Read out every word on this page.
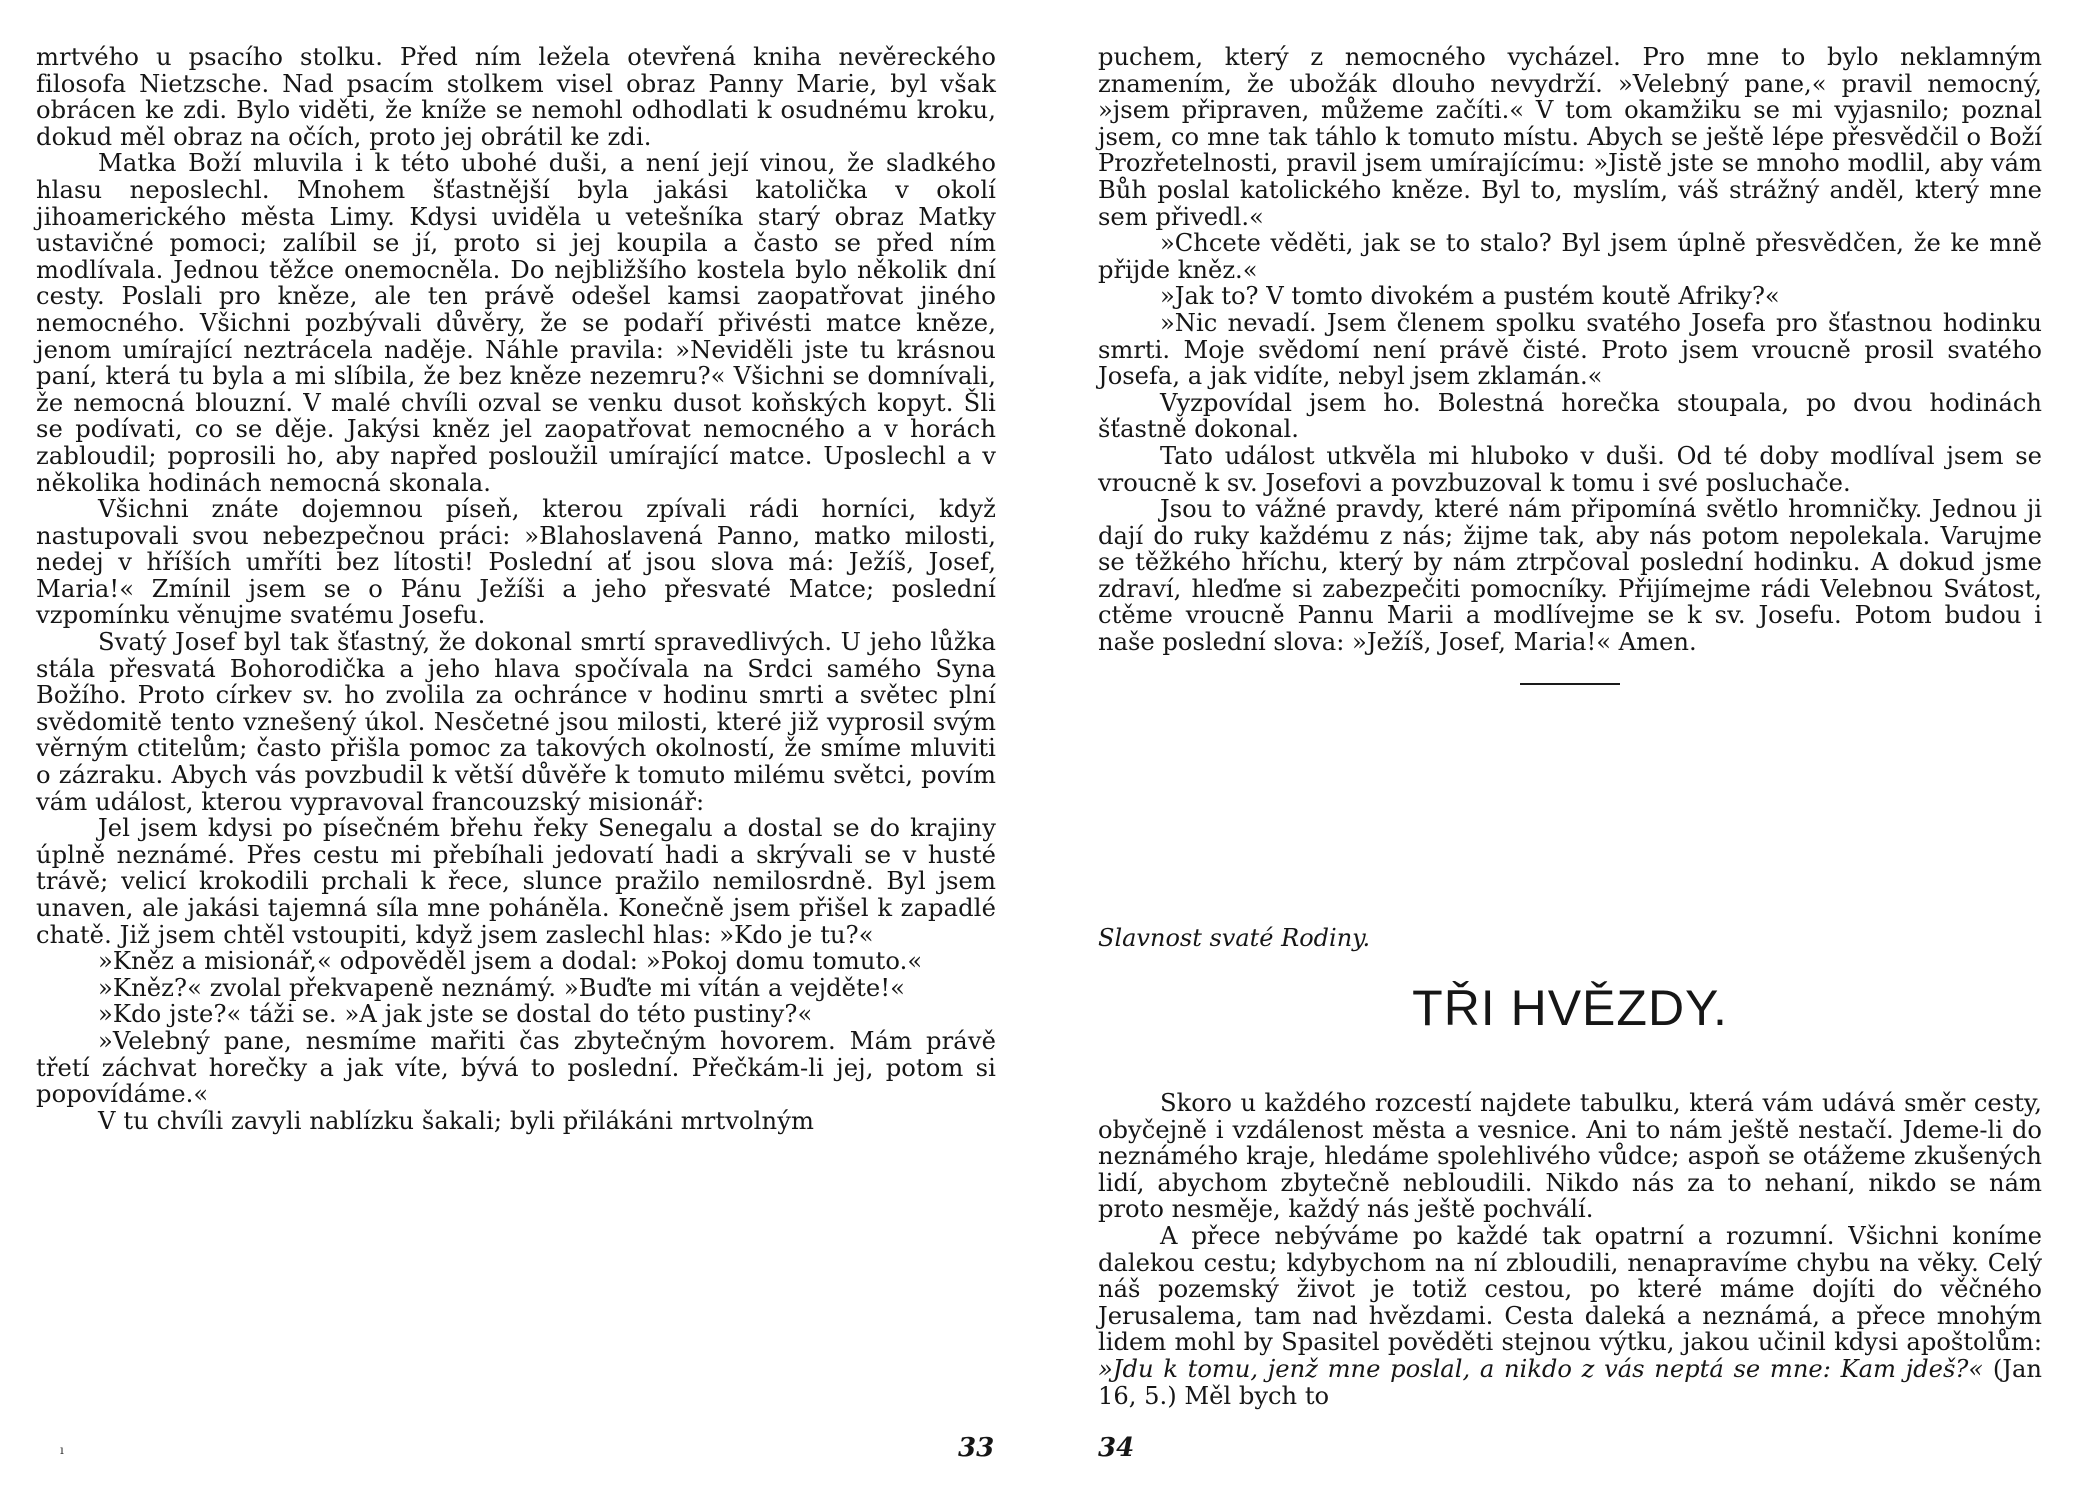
mrtvého u psacího stolku. Před ním ležela otevřená kniha nevěreckého filosofa Nietzsche. Nad psacím stolkem visel obraz Panny Marie, byl však obrácen ke zdi. Bylo viděti, že kníže se nemohl odhodlati k osudnému kroku, dokud měl obraz na očích, proto jej obrátil ke zdi.

Matka Boží mluvila i k této ubohé duši, a není její vinou, že sladkého hlasu neposlechl. Mnohem šťastnější byla jakási katolička v okolí jihoamerického města Limy. Kdysi uviděla u vetešníka starý obraz Matky ustavičné pomoci; zalíbil se jí, proto si jej koupila a často se před ním modlívala. Jednou těžce onemocněla. Do nejbližšího kostela bylo několik dní cesty. Poslali pro kněze, ale ten právě odešel kamsi zaopatřovat jiného nemocného. Všichni pozbývali důvěry, že se podaří přivésti matce kněze, jenom umírající neztrácela naděje. Náhle pravila: »Neviděli jste tu krásnou paní, která tu byla a mi slíbila, že bez kněze nezemru?« Všichni se domnívali, že nemocná blouzní. V malé chvíli ozval se venku dusot koňských kopyt. Šli se podívati, co se děje. Jakýsi kněz jel zaopatřovat nemocného a v horách zabloudil; poprosili ho, aby napřed posloužil umírající matce. Uposlechl a v několika hodinách nemocná skonala.

Všichni znáte dojemnou píseň, kterou zpívali rádi horníci, když nastupovali svou nebezpečnou práci: »Blahoslavená Panno, matko milosti, nedej v hříších umříti bez lítosti! Poslední ať jsou slova má: Ježíš, Josef, Maria!« Zmínil jsem se o Pánu Ježíši a jeho přesvaté Matce; poslední vzpomínku věnujme svatému Josefu.

Svatý Josef byl tak šťastný, že dokonal smrtí spravedlivých. U jeho lůžka stála přesvatá Bohorodička a jeho hlava spočívala na Srdci samého Syna Božího. Proto církev sv. ho zvolila za ochránce v hodinu smrti a světec plní svědomitě tento vznešený úkol. Nesčetné jsou milosti, které již vyprosil svým věrným ctitelům; často přišla pomoc za takových okolností, že smíme mluviti o zázraku. Abych vás povzbudil k větší důvěře k tomuto milému světci, povím vám událost, kterou vypravoval francouzský misionář:

Jel jsem kdysi po písečném břehu řeky Senegalu a dostal se do krajiny úplně neznámé. Přes cestu mi přebíhali jedovatí hadi a skrývali se v husté trávě; velicí krokodili prchali k řece, slunce pražilo nemilosrdně. Byl jsem unaven, ale jakási tajemná síla mne poháněla. Konečně jsem přišel k zapadlé chatě. Již jsem chtěl vstoupiti, když jsem zaslechl hlas: »Kdo je tu?«

»Kněz a misionář,« odpověděl jsem a dodal: »Pokoj domu tomuto.«

»Kněz?« zvolal překvapeně neznámý. »Buďte mi vítán a vejděte!«

»Kdo jste?« táži se. »A jak jste se dostal do této pustiny?«

»Velebný pane, nesmíme mařiti čas zbytečným hovorem. Mám právě třetí záchvat horečky a jak víte, bývá to poslední. Přečkám-li jej, potom si popovídáme.«

V tu chvíli zavyli nablízku šakali; byli přilákáni mrtvolným

ı	33

puchem, který z nemocného vycházel. Pro mne to bylo neklamným znamením, že ubožák dlouho nevydrží. »Velebný pane,« pravil nemocný, »jsem připraven, můžeme začíti.« V tom okamžiku se mi vyjasnilo; poznal jsem, co mne tak táhlo k tomuto místu. Abych se ještě lépe přesvědčil o Boží Prozřetelnosti, pravil jsem umírajícímu: »Jistě jste se mnoho modlil, aby vám Bůh poslal katolického kněze. Byl to, myslím, váš strážný anděl, který mne sem přivedl.«

»Chcete věděti, jak se to stalo? Byl jsem úplně přesvědčen, že ke mně přijde kněz.«

»Jak to? V tomto divokém a pustém koutě Afriky?«

»Nic nevadí. Jsem členem spolku svatého Josefa pro šťastnou hodinku smrti. Moje svědomí není právě čisté. Proto jsem vroucně prosil svatého Josefa, a jak vidíte, nebyl jsem zklamán.«

Vyzpovídal jsem ho. Bolestná horečka stoupala, po dvou hodinách šťastně dokonal.

Tato událost utkvěla mi hluboko v duši. Od té doby modlíval jsem se vroucně k sv. Josefovi a povzbuzoval k tomu i své posluchače.

Jsou to vážné pravdy, které nám připomíná světlo hromničky. Jednou ji dají do ruky každému z nás; žijme tak, aby nás potom nepolekala. Varujme se těžkého hříchu, který by nám ztrpčoval poslední hodinku. A dokud jsme zdraví, hleďme si zabezpečiti pomocníky. Přijímejme rádi Velebnou Svátost, ctěme vroucně Pannu Marii a modlívejme se k sv. Josefu. Potom budou i naše poslední slova: »Ježíš, Josef, Maria!« Amen.

Slavnost svaté Rodiny.
TŘI HVĚZDY.

Skoro u každého rozcestí najdete tabulku, která vám udává směr cesty, obyčejně i vzdálenost města a vesnice. Ani to nám ještě nestačí. Jdeme-li do neznámého kraje, hledáme spolehlivého vůdce; aspoň se otážeme zkušených lidí, abychom zbytečně nebloudili. Nikdo nás za to nehaní, nikdo se nám proto nesměje, každý nás ještě pochválí.

A přece nebýváme po každé tak opatrní a rozumní. Všichni koníme dalekou cestu; kdybychom na ní zbloudili, nenapravíme chybu na věky. Celý náš pozemský život je totiž cestou, po které máme dojíti do věčného Jerusalema, tam nad hvězdami. Cesta daleká a neznámá, a přece mnohým lidem mohl by Spasitel pověděti stejnou výtku, jakou učinil kdysi apoštolům: »Jdu k tomu, jenž mne poslal, a nikdo z vás neptá se mne: Kam jdeš?« (Jan 16, 5.) Měl bych to

34
